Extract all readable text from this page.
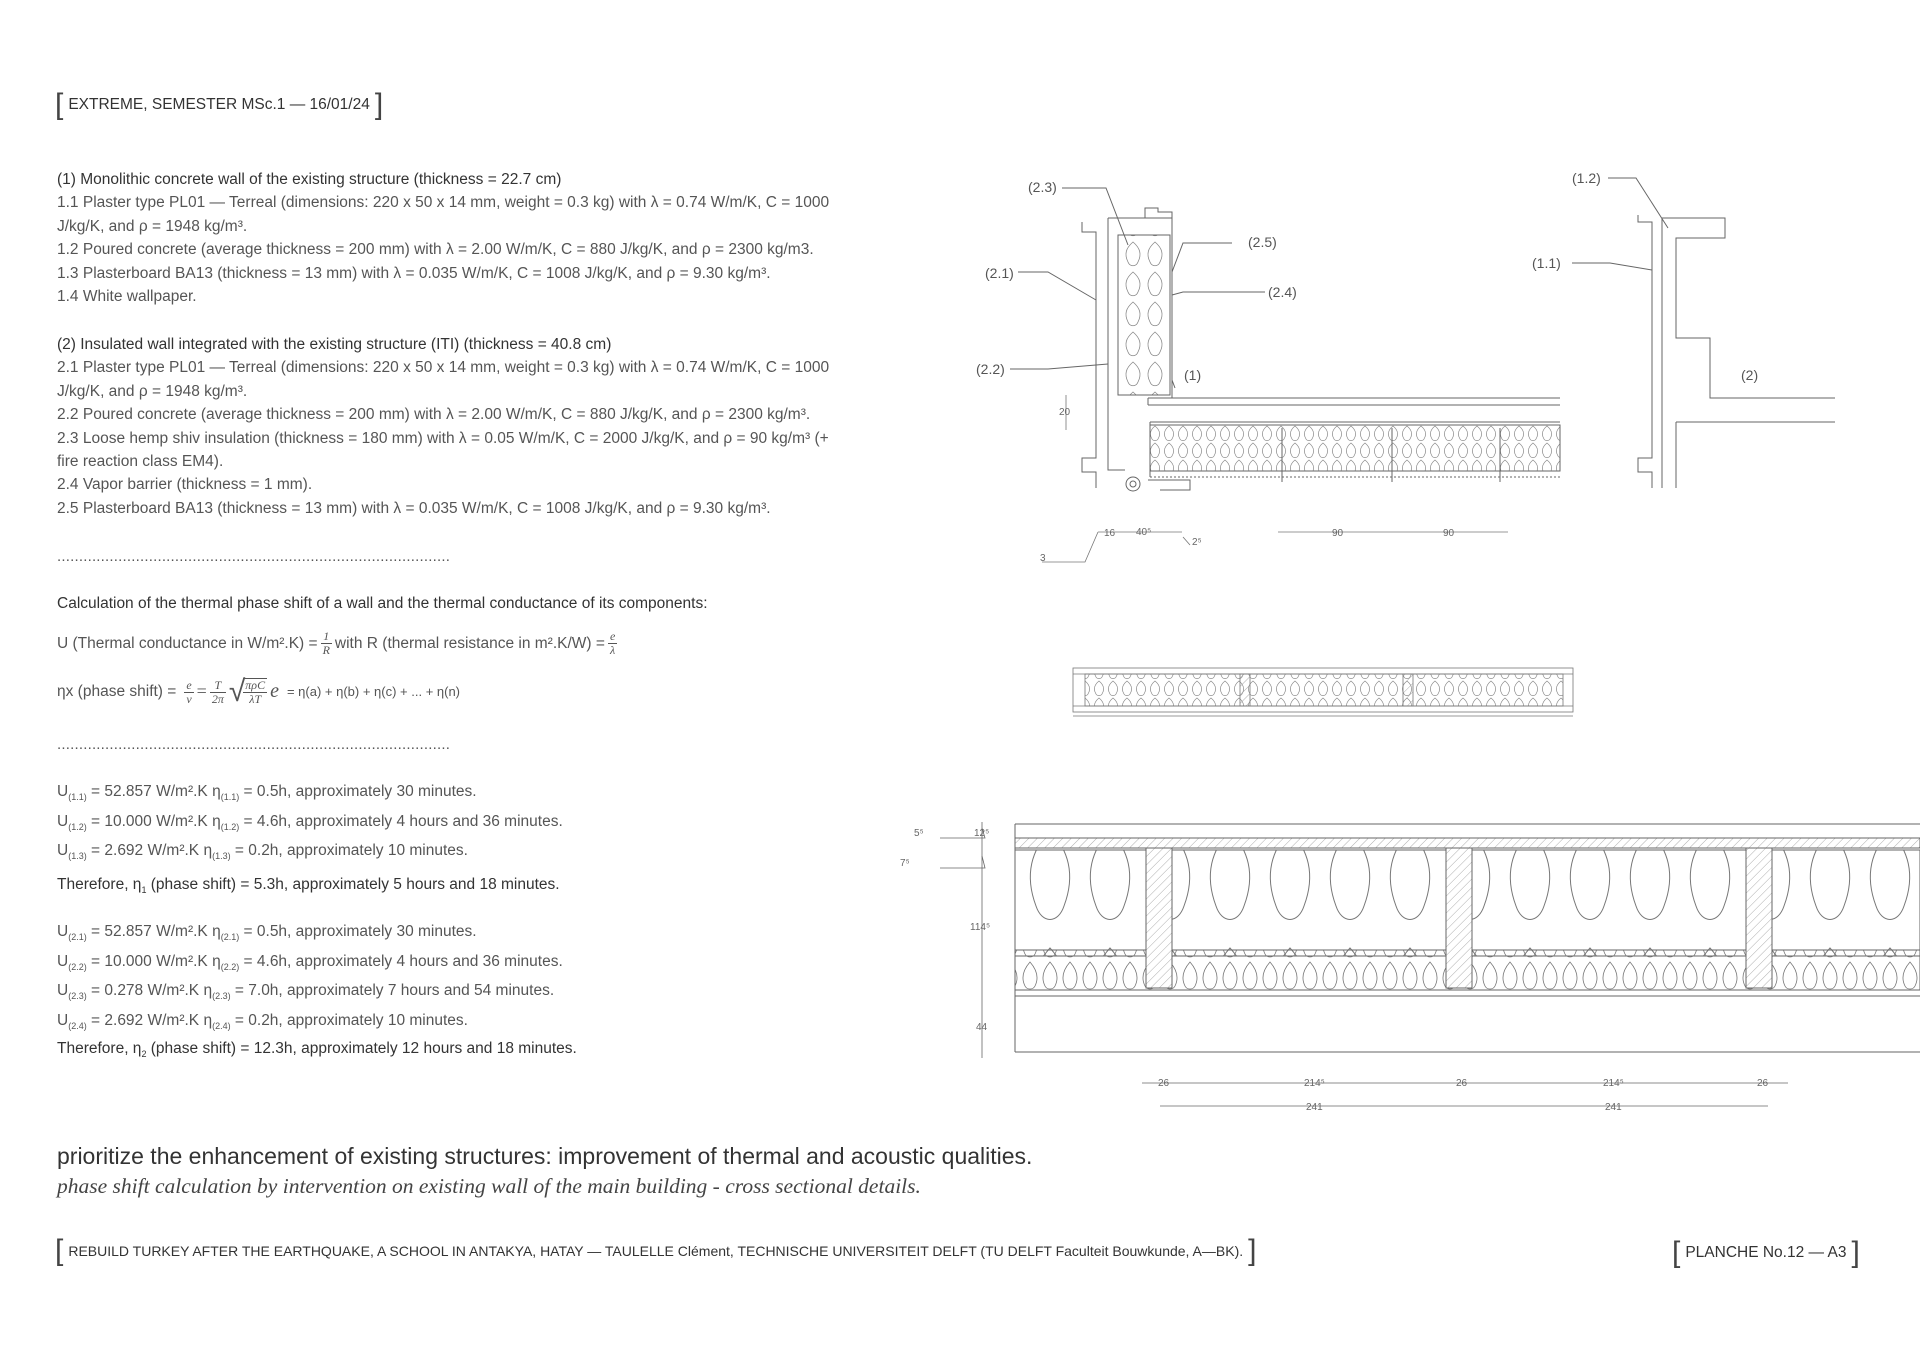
[ EXTREME, SEMESTER MSc.1 — 16/01/24 ]
(1) Monolithic concrete wall of the existing structure (thickness = 22.7 cm)
1.1 Plaster type PL01 — Terreal (dimensions: 220 x 50 x 14 mm, weight = 0.3 kg) with λ = 0.74 W/m/K, C = 1000
J/kg/K, and ρ = 1948 kg/m³.
1.2 Poured concrete (average thickness = 200 mm) with λ = 2.00 W/m/K, C = 880 J/kg/K, and ρ = 2300 kg/m3.
1.3 Plasterboard BA13 (thickness = 13 mm) with λ = 0.035 W/m/K, C = 1008 J/kg/K, and ρ = 9.30 kg/m³.
1.4 White wallpaper.
(2) Insulated wall integrated with the existing structure (ITI) (thickness = 40.8 cm)
2.1 Plaster type PL01 — Terreal (dimensions: 220 x 50 x 14 mm, weight = 0.3 kg) with λ = 0.74 W/m/K, C = 1000
J/kg/K, and ρ = 1948 kg/m³.
2.2 Poured concrete (average thickness = 200 mm) with λ = 2.00 W/m/K, C = 880 J/kg/K, and ρ = 2300 kg/m³.
2.3 Loose hemp shiv insulation (thickness = 180 mm) with λ = 0.05 W/m/K, C = 2000 J/kg/K, and ρ = 90 kg/m³ (+
fire reaction class EM4).
2.4 Vapor barrier (thickness = 1 mm).
2.5 Plasterboard BA13 (thickness = 13 mm) with λ = 0.035 W/m/K, C = 1008 J/kg/K, and ρ = 9.30 kg/m³.
..........................................................................................
Calculation of the thermal phase shift of a wall and the thermal conductance of its components:
U (Thermal conductance in $W/m^2.K) = \frac{1}{R}$ with R (thermal resistance in $m^2.K/W) = \frac{e}{\lambda}$
ηx (phase shift) = $\frac{e}{v} = \frac{T}{2\pi}$ √
$\frac{\text{πρC}}{\lambda T}$ e = η(a) + η(b) + η(c) + ... + η(n)
..........................................................................................
$U_{(1.1)} = 52.857$ W/m².K $\eta_{(1.1)} = 0.5h$, approximately 30 minutes.
$U_{(1.2)} = 10.000$ W/m².K $\eta_{(1.2)} = 4.6h$, approximately 4 hours and 36 minutes.
$U_{(1.3)} = 2.692$ W/m².K $\eta_{(1.3)} = 0.2h$, approximately 10 minutes.
Therefore, $\eta_1$ (phase shift) = 5.3h, approximately 5 hours and 18 minutes.
$U_{(2.1)} = 52.857$ W/m².K $\eta_{(2.1)} = 0.5h$, approximately 30 minutes.
$U_{(2.2)} = 10.000$ W/m².K $\eta_{(2.2)} = 4.6h$, approximately 4 hours and 36 minutes.
$U_{(2.3)} = 0.278$ W/m².K $\eta_{(2.3)} = 7.0h$, approximately 7 hours and 54 minutes.
$U_{(2.4)} = 2.692$ W/m².K $\eta_{(2.4)} = 0.2h$, approximately 10 minutes.
Therefore, $\eta_2$ (phase shift) = 12.3h, approximately 12 hours and 18 minutes.
(2.3)
(2.5)
(2.4)
(2.1)
(2.2)	(1)
(1.2)
(1.1)
(2)
20
16 40⁵
2⁵
3
90	90
5⁵
7⁵
12⁵
114⁵
44
26	214⁵	26	214⁵	26
241	241
prioritize the enhancement of existing structures: improvement of thermal and acoustic qualities.
phase shift calculation by intervention on existing wall of the main building - cross sectional details.
[ REBUILD TURKEY AFTER THE EARTHQUAKE, A SCHOOL IN ANTAKYA, HATAY — TAULELLE Clément, TECHNISCHE UNIVERSITEIT DELFT (TU DELFT Faculteit Bouwkunde, A—BK). ]	[ PLANCHE No.12 — A3 ]
